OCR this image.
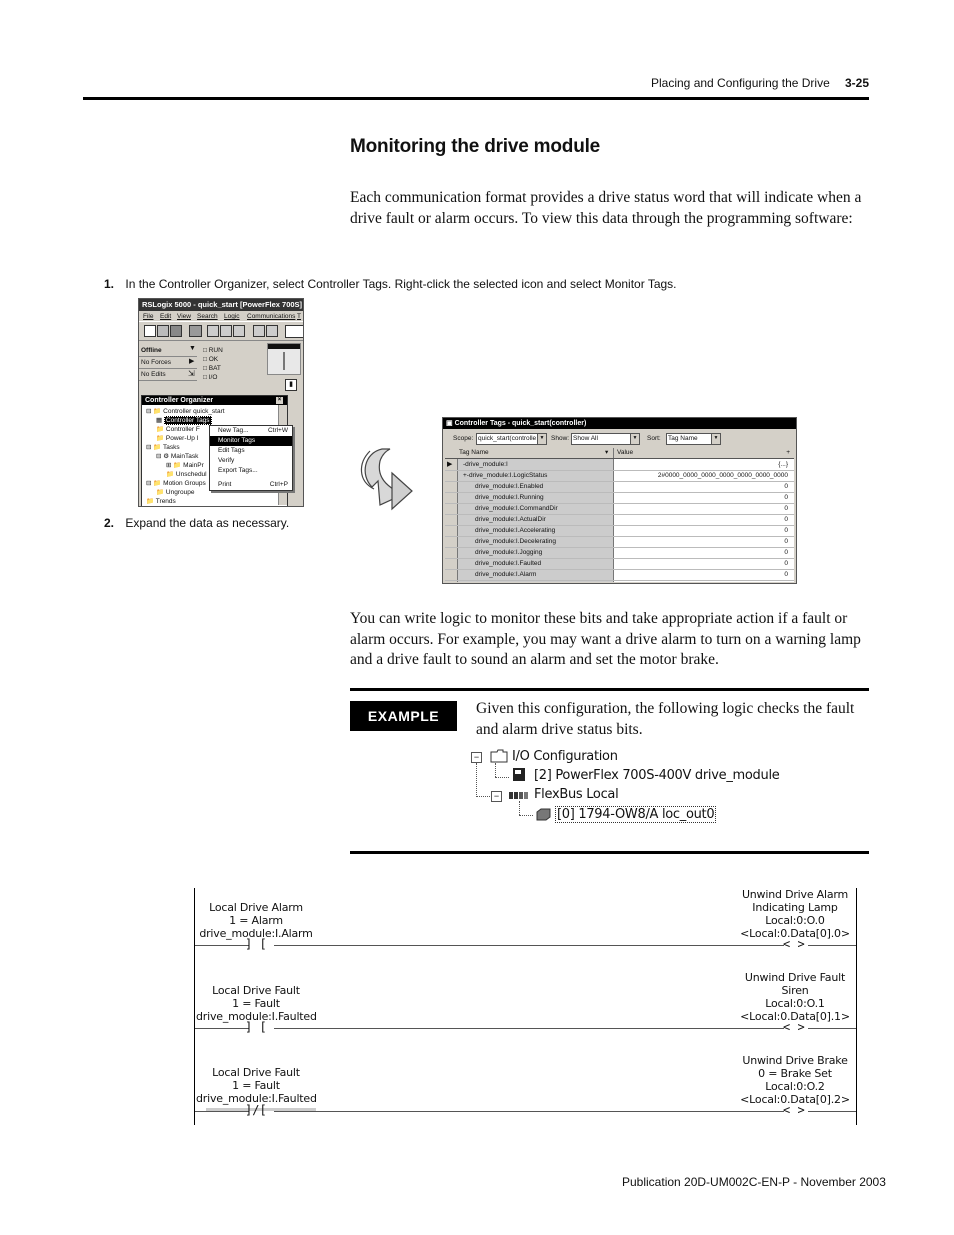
Placing and Configuring the Drive 3-25
Monitoring the drive module
Each communication format provides a drive status word that will indicate when a drive fault or alarm occurs. To view this data through the programming software:
1. In the Controller Organizer, select Controller Tags. Right-click the selected icon and select Monitor Tags.
RSLogix 5000 - quick_start [PowerFlex 700S]
File Edit View Search Logic Communications T
Offline
No Forces
No Edits
▼
▶
⇲
□ RUN
□ OK
□ BAT
□ I/O
▮
Controller Organizer	×
⊟ 📁 Controller quick_start
▦ Controller Tags
📁 Controller F
📁 Power-Up I
⊟ 📁 Tasks
⊟ ⚙ MainTask
⊞ 📁 MainPr
📁 Unschedul
⊟ 📁 Motion Groups
📁 Ungroupe
📁 Trends
New Tag...	Ctrl+W
Monitor Tags
Edit Tags
Verify
Export Tags...
Print	Ctrl+P
2. Expand the data as necessary.
▣ Controller Tags - quick_start(controller)
Scope: quick_start(controlle ▼	Show: Show All	▼	Sort:	Tag Name	▼
Tag Name	Value
▾	+
▶ -drive_module:I	{...}
+-drive_module:I.LogicStatus	2#0000_0000_0000_0000_0000_0000_0000
drive_module:I.Enabled	0
drive_module:I.Running	0
drive_module:I.CommandDir	0
drive_module:I.ActualDir	0
drive_module:I.Accelerating	0
drive_module:I.Decelerating	0
drive_module:I.Jogging	0
drive_module:I.Faulted	0
drive_module:I.Alarm	0
You can write logic to monitor these bits and take appropriate action if a fault or alarm occurs. For example, you may want a drive alarm to turn on a warning lamp and a drive fault to sound an alarm and set the motor brake.
EXAMPLE	Given this configuration, the following logic checks the fault and alarm drive status bits.
−	I/O Configuration
[2] PowerFlex 700S-400V drive_module
−	FlexBus Local
[0] 1794-OW8/A loc_out0
Local Drive Alarm
1 = Alarm
drive_module:I.Alarm
] [
Unwind Drive Alarm
Indicating Lamp
Local:0:O.0
<Local:0.Data[0].0>
< >
Local Drive Fault
1 = Fault
drive_module:I.Faulted
] [
Unwind Drive Fault
Siren
Local:0:O.1
<Local:0.Data[0].1>
< >
Local Drive Fault
1 = Fault
drive_module:I.Faulted
]/[
Unwind Drive Brake
0 = Brake Set
Local:0:O.2
<Local:0.Data[0].2>
< >
Publication 20D-UM002C-EN-P - November 2003
